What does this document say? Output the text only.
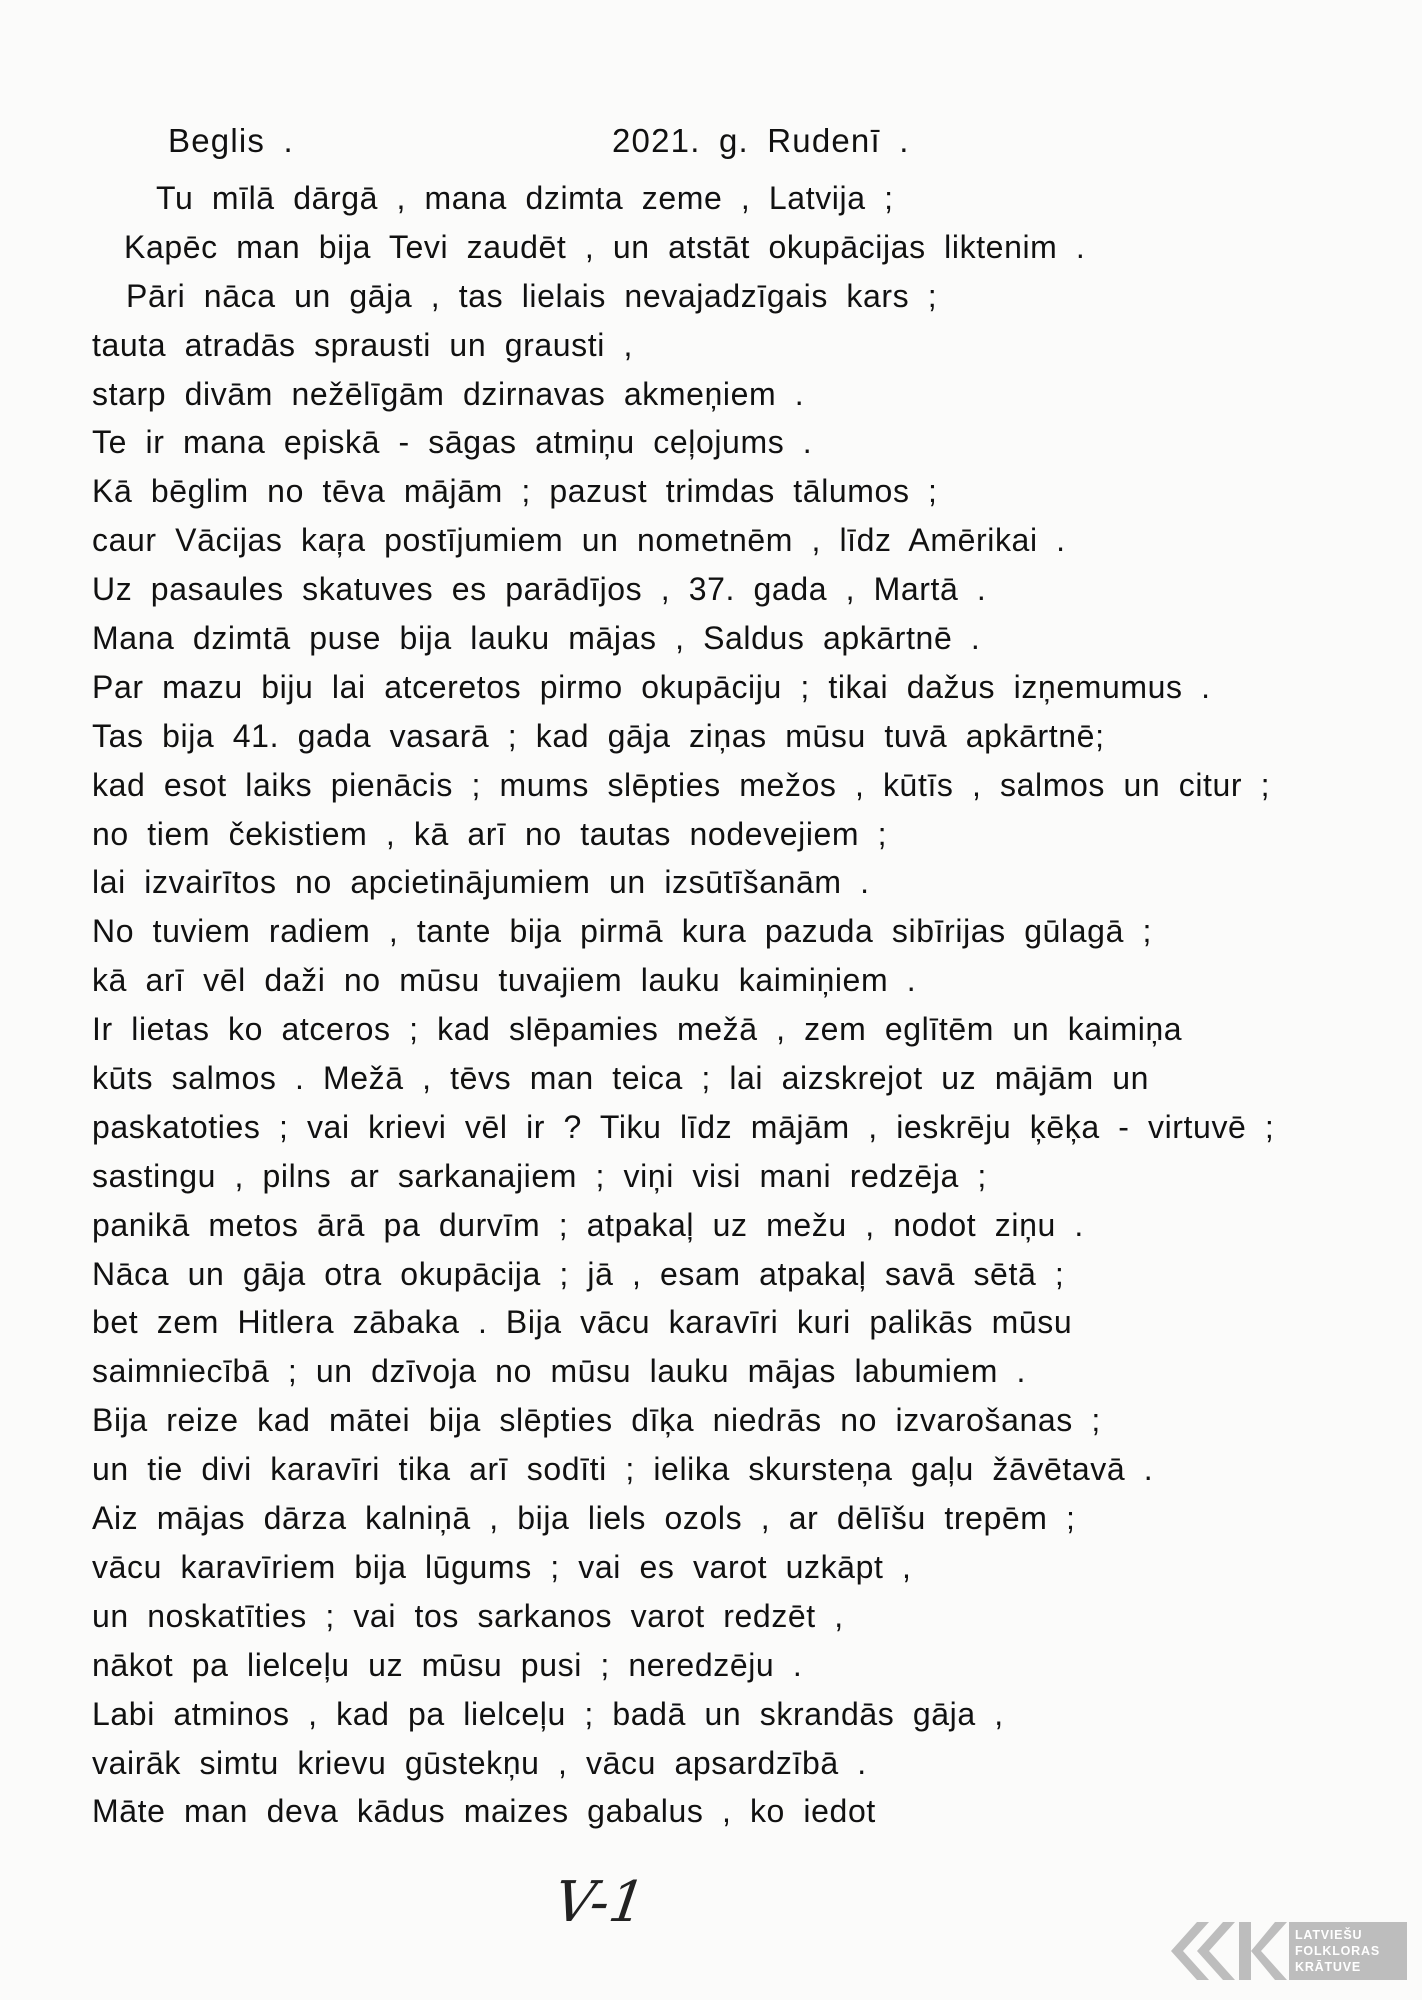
Beglis .	2021. g. Rudenī .
Tu mīlā dārgā , mana dzimta zeme , Latvija ;
Kapēc man bija Tevi zaudēt , un atstāt okupācijas liktenim .
Pāri nāca un gāja , tas lielais nevajadzīgais kars ;
tauta atradās sprausti un grausti ,
starp divām nežēlīgām dzirnavas akmeņiem .
Te ir mana episkā - sāgas atmiņu ceļojums .
Kā bēglim no tēva mājām ; pazust trimdas tālumos ;
caur Vācijas kaŗa postījumiem un nometnēm , līdz Amērikai .
Uz pasaules skatuves es parādījos , 37. gada , Martā .
Mana dzimtā puse bija lauku mājas , Saldus apkārtnē .
Par mazu biju lai atceretos pirmo okupāciju ; tikai dažus izņemumus .
Tas bija 41. gada vasarā ; kad gāja ziņas mūsu tuvā apkārtnē;
kad esot laiks pienācis ; mums slēpties mežos , kūtīs , salmos un citur ;
no tiem čekistiem , kā arī no tautas nodevejiem ;
lai izvairītos no apcietinājumiem un izsūtīšanām .
No tuviem radiem , tante bija pirmā kura pazuda sibīrijas gūlagā ;
kā arī vēl daži no mūsu tuvajiem lauku kaimiņiem .
Ir lietas ko atceros ; kad slēpamies mežā , zem eglītēm un kaimiņa
kūts salmos . Mežā , tēvs man teica ; lai aizskrejot uz mājām un
paskatoties ; vai krievi vēl ir ? Tiku līdz mājām , ieskrēju ķēķa - virtuvē ;
sastingu , pilns ar sarkanajiem ; viņi visi mani redzēja ;
panikā metos ārā pa durvīm ; atpakaļ uz mežu , nodot ziņu .
Nāca un gāja otra okupācija ; jā , esam atpakaļ savā sētā ;
bet zem Hitlera zābaka . Bija vācu karavīri kuri palikās mūsu
saimniecībā ; un dzīvoja no mūsu lauku mājas labumiem .
Bija reize kad mātei bija slēpties dīķa niedrās no izvarošanas ;
un tie divi karavīri tika arī sodīti ; ielika skursteņa gaļu žāvētavā .
Aiz mājas dārza kalniņā , bija liels ozols , ar dēlīšu trepēm ;
vācu karavīriem bija lūgums ; vai es varot uzkāpt ,
un noskatīties ; vai tos sarkanos varot redzēt ,
nākot pa lielceļu uz mūsu pusi ; neredzēju .
Labi atminos , kad pa lielceļu ; badā un skrandās gāja ,
vairāk simtu krievu gūstekņu , vācu apsardzībā .
Māte man deva kādus maizes gabalus , ko iedot
V-1	LATVIEŠU
FOLKLORAS
KRĀTUVE
